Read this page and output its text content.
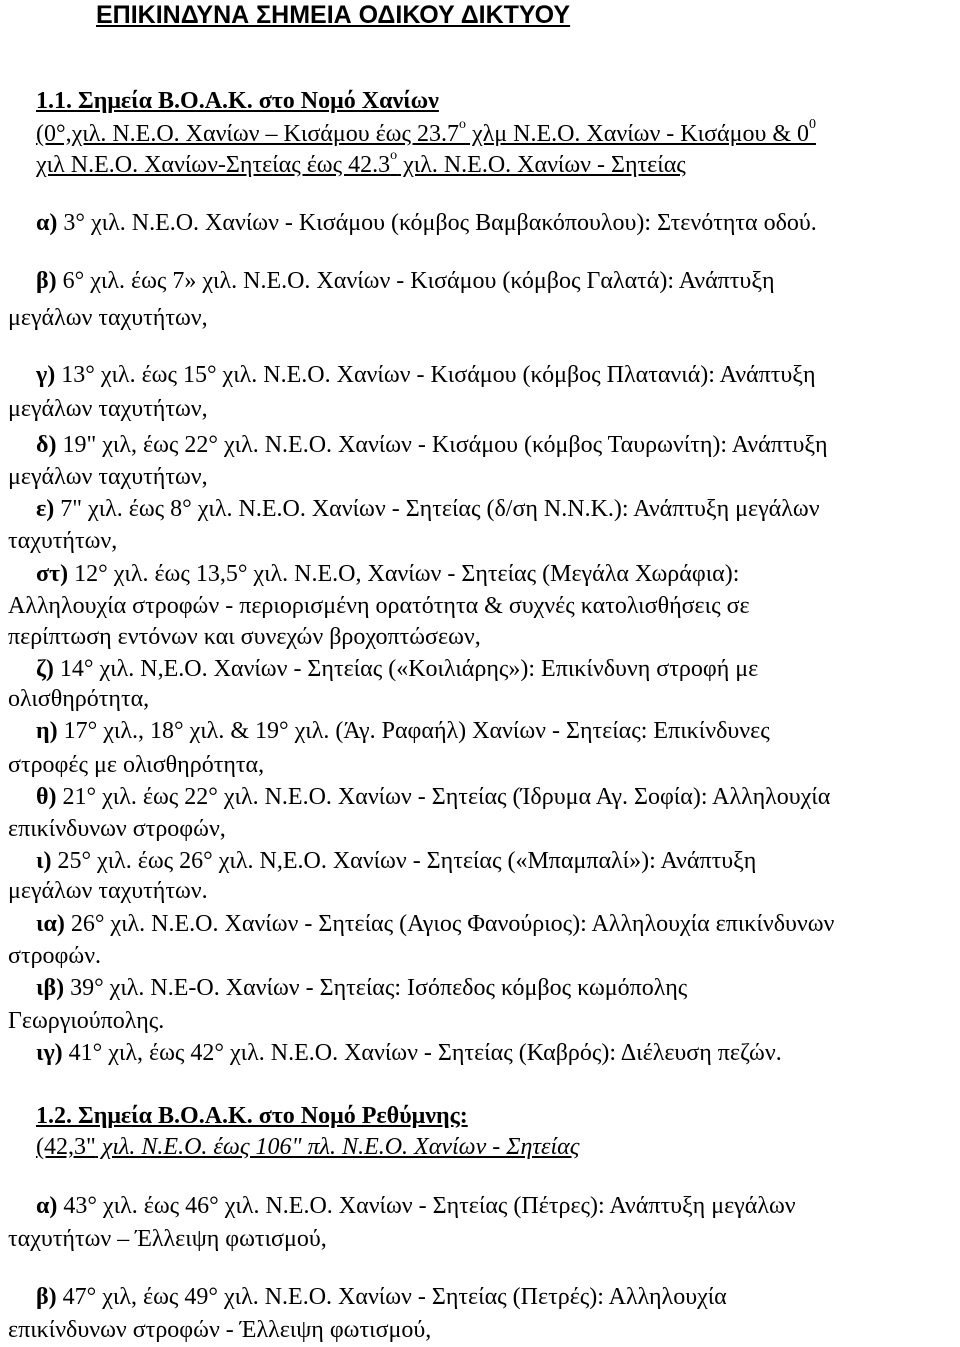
ΕΠΙΚΙΝΔΥΝΑ ΣΗΜΕΙΑ ΟΔΙΚΟΥ ΔΙΚΤΥΟΥ
1.1. Σημεία Β.Ο.Α.Κ. στο Νομό Χανίων
(0°,χιλ. Ν.Ε.Ο. Χανίων – Κισάμου έως $23.7^o$ χλμ Ν.Ε.Ο. Χανίων - Κισάμου & $0^0$
χιλ Ν.Ε.Ο. Χανίων-Σητείας έως $42.3^o$ χιλ. Ν.Ε.Ο. Χανίων - Σητείας
α) 3° χιλ. Ν.Ε.Ο. Χανίων - Κισάμου (κόμβος Βαμβακόπουλου): Στενότητα οδού.
β) 6° χιλ. έως 7» χιλ. Ν.Ε.Ο. Χανίων - Κισάμου (κόμβος Γαλατά): Ανάπτυξη
μεγάλων ταχυτήτων,
γ) 13° χιλ. έως 15° χιλ. Ν.Ε.Ο. Χανίων - Κισάμου (κόμβος Πλατανιά): Ανάπτυξη
μεγάλων ταχυτήτων,
δ) 19" χιλ, έως 22° χιλ. Ν.Ε.Ο. Χανίων - Κισάμου (κόμβος Ταυρωνίτη): Ανάπτυξη
μεγάλων ταχυτήτων,
ε) 7" χιλ. έως 8° χιλ. Ν.Ε.Ο. Χανίων - Σητείας (δ/ση Ν.Ν.Κ.): Ανάπτυξη μεγάλων
ταχυτήτων,
στ) 12° χιλ. έως 13,5° χιλ. Ν.Ε.Ο, Χανίων - Σητείας (Μεγάλα Χωράφια):
Αλληλουχία στροφών - περιορισμένη ορατότητα & συχνές κατολισθήσεις σε
περίπτωση εντόνων και συνεχών βροχοπτώσεων,
ζ) 14° χιλ. Ν,Ε.Ο. Χανίων - Σητείας («Κοιλιάρης»): Επικίνδυνη στροφή με
ολισθηρότητα,
η) 17° χιλ., 18° χιλ. & 19° χιλ. (Άγ. Ραφαήλ) Χανίων - Σητείας: Επικίνδυνες
στροφές με ολισθηρότητα,
θ) 21° χιλ. έως 22° χιλ. Ν.Ε.Ο. Χανίων - Σητείας (Ίδρυμα Αγ. Σοφία): Αλληλουχία
επικίνδυνων στροφών,
ι) 25° χιλ. έως 26° χιλ. Ν,Ε.Ο. Χανίων - Σητείας («Μπαμπαλί»): Ανάπτυξη
μεγάλων ταχυτήτων.
ια) 26° χιλ. Ν.Ε.Ο. Χανίων - Σητείας (Αγιος Φανούριος): Αλληλουχία επικίνδυνων
στροφών.
ιβ) 39° χιλ. Ν.Ε-Ο. Χανίων - Σητείας: Ισόπεδος κόμβος κωμόπολης
Γεωργιούπολης.
ιγ) 41° χιλ, έως 42° χιλ. Ν.Ε.Ο. Χανίων - Σητείας (Καβρός): Διέλευση πεζών.
1.2. Σημεία Β.Ο.Α.Κ. στο Νομό Ρεθύμνης:
(42,3" χιλ. Ν.Ε.Ο. έως 106" πλ. Ν.Ε.Ο. Χανίων - Σητείας
α) 43° χιλ. έως 46° χιλ. Ν.Ε.Ο. Χανίων - Σητείας (Πέτρες): Ανάπτυξη μεγάλων
ταχυτήτων – Έλλειψη φωτισμού,
β) 47° χιλ, έως 49° χιλ. Ν.Ε.Ο. Χανίων - Σητείας (Πετρές): Αλληλουχία
επικίνδυνων στροφών - Έλλειψη φωτισμού,
